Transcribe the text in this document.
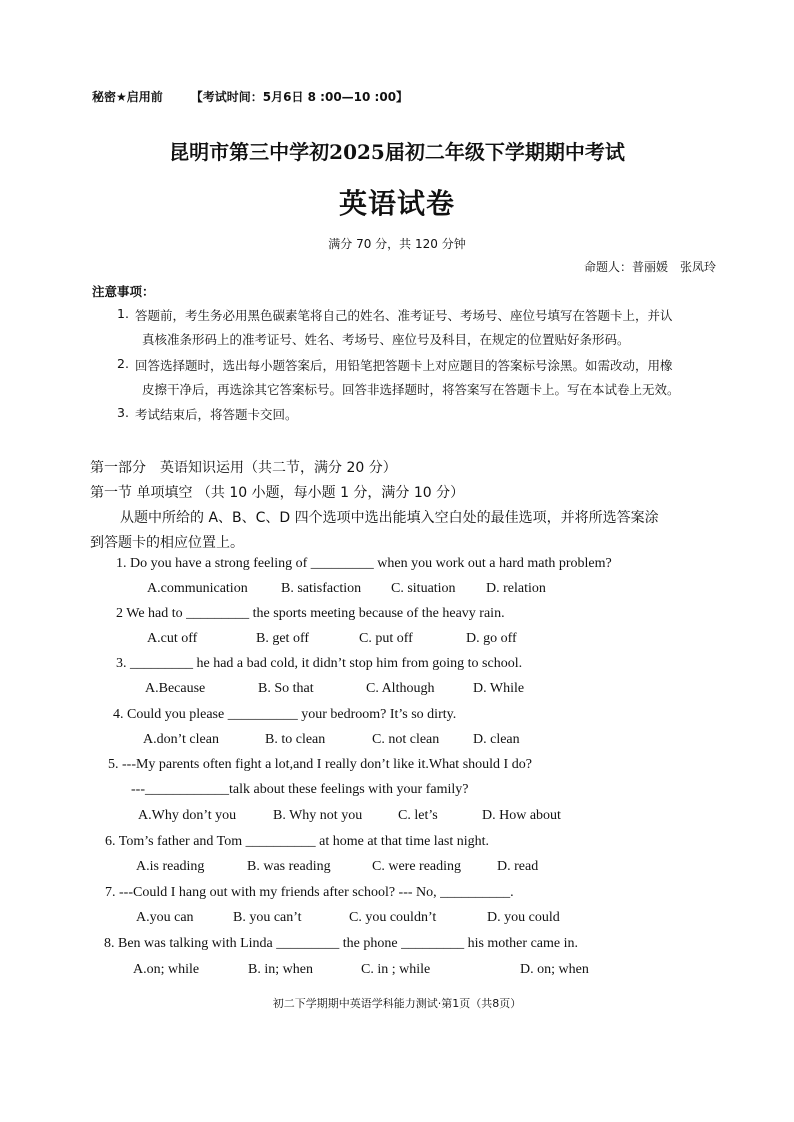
秘密★启用前 【考试时间：5月6日 8 :00—10 :00】
昆明市第三中学初2025届初二年级下学期期中考试
英语试卷
满分 70 分，共 120 分钟
命题人：普丽媛　张凤玲
注意事项：
1. 答题前，考生务必用黑色碳素笔将自己的姓名、准考证号、考场号、座位号填写在答题卡上，并认
真核准条形码上的准考证号、姓名、考场号、座位号及科目，在规定的位置贴好条形码。
2. 回答选择题时，选出每小题答案后，用铅笔把答题卡上对应题目的答案标号涂黑。如需改动，用橡
皮擦干净后，再选涂其它答案标号。回答非选择题时，将答案写在答题卡上。写在本试卷上无效。
3. 考试结束后，将答题卡交回。
第一部分　英语知识运用（共二节，满分 20 分）
第一节 单项填空 （共 10 小题，每小题 1 分，满分 10 分）
从题中所给的 A、B、C、D 四个选项中选出能填入空白处的最佳选项，并将所选答案涂
到答题卡的相应位置上。
1. Do you have a strong feeling of _________ when you work out a hard math problem?
A.communication B. satisfaction C. situation D. relation
2 We had to _________ the sports meeting because of the heavy rain.
A.cut off	B. get off	C. put off	D. go off
3. _________ he had a bad cold, it didn’t stop him from going to school.
A.Because	B. So that	C. Although	D. While
4. Could you please __________ your bedroom? It’s so dirty.
A.don’t clean	B. to clean	C. not clean D. clean
5. ---My parents often fight a lot,and I really don’t like it.What should I do?
---____________talk about these feelings with your family?
A.Why don’t you	B. Why not you	C. let’s	D. How about
6. Tom’s father and Tom __________ at home at that time last night.
A.is reading	B. was reading	C. were reading	D. read
7. ---Could I hang out with my friends after school? --- No, __________.
A.you can	B. you can’t	C. you couldn’t	D. you could
8. Ben was talking with Linda _________ the phone _________ his mother came in.
A.on; while	B. in; when	C. in ; while	D. on; when
初二下学期期中英语学科能力测试·第1页（共8页）
